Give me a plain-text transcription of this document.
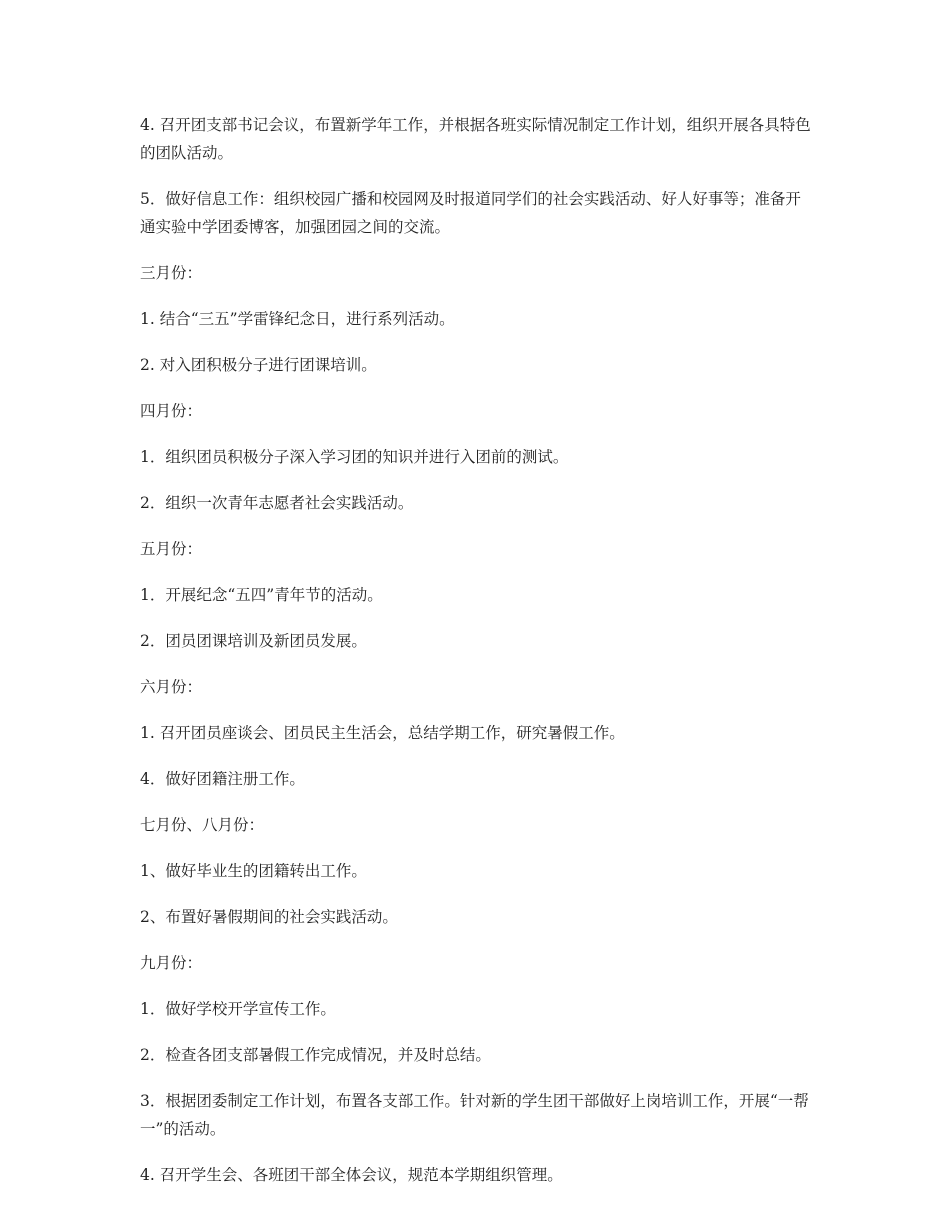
4. 召开团支部书记会议，布置新学年工作，并根据各班实际情况制定工作计划，组织开展各具特色的团队活动。

5．做好信息工作：组织校园广播和校园网及时报道同学们的社会实践活动、好人好事等；准备开通实验中学团委博客，加强团园之间的交流。

三月份：

1. 结合“三五”学雷锋纪念日，进行系列活动。

2. 对入团积极分子进行团课培训。

四月份：

1．组织团员积极分子深入学习团的知识并进行入团前的测试。

2．组织一次青年志愿者社会实践活动。

五月份：

1．开展纪念“五四”青年节的活动。

2．团员团课培训及新团员发展。

六月份：

1. 召开团员座谈会、团员民主生活会，总结学期工作，研究暑假工作。

4．做好团籍注册工作。

七月份、八月份：

1、做好毕业生的团籍转出工作。

2、布置好暑假期间的社会实践活动。

九月份：

1．做好学校开学宣传工作。

2．检查各团支部暑假工作完成情况，并及时总结。

3．根据团委制定工作计划，布置各支部工作。针对新的学生团干部做好上岗培训工作，开展“一帮一”的活动。

4. 召开学生会、各班团干部全体会议，规范本学期组织管理。
